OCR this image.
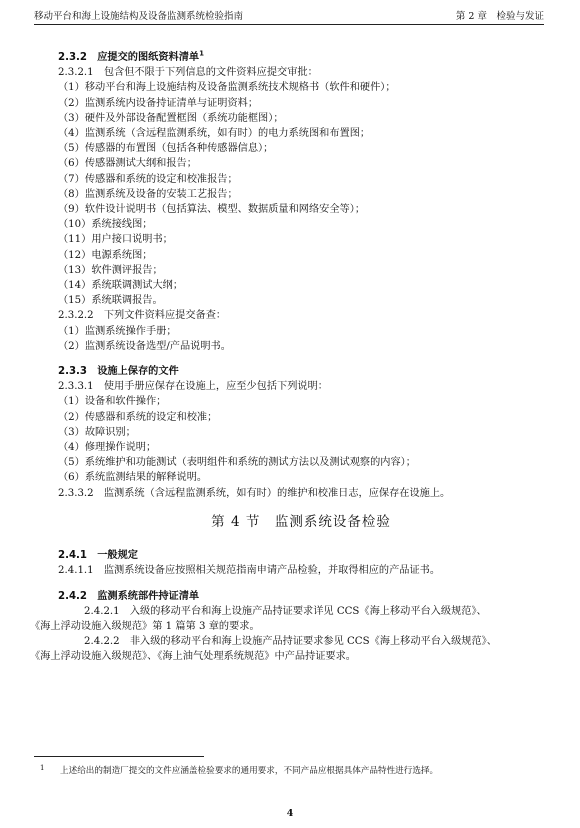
移动平台和海上设施结构及设备监测系统检验指南	第 2 章　检验与发证
2.3.2　应提交的图纸资料清单$^1$
2.3.2.1　包含但不限于下列信息的文件资料应提交审批：
（1）移动平台和海上设施结构及设备监测系统技术规格书（软件和硬件）；
（2）监测系统内设备持证清单与证明资料；
（3）硬件及外部设备配置框图（系统功能框图）；
（4）监测系统（含远程监测系统，如有时）的电力系统图和布置图；
（5）传感器的布置图（包括各种传感器信息）；
（6）传感器测试大纲和报告；
（7）传感器和系统的设定和校准报告；
（8）监测系统及设备的安装工艺报告；
（9）软件设计说明书（包括算法、模型、数据质量和网络安全等）；
（10）系统接线图；
（11）用户接口说明书；
（12）电源系统图；
（13）软件测评报告；
（14）系统联调测试大纲；
（15）系统联调报告。
2.3.2.2　下列文件资料应提交备查：
（1）监测系统操作手册；
（2）监测系统设备选型/产品说明书。
2.3.3　设施上保存的文件
2.3.3.1　使用手册应保存在设施上，应至少包括下列说明：
（1）设备和软件操作；
（2）传感器和系统的设定和校准；
（3）故障识别；
（4）修理操作说明；
（5）系统维护和功能测试（表明组件和系统的测试方法以及测试观察的内容）；
（6）系统监测结果的解释说明。
2.3.3.2　监测系统（含远程监测系统，如有时）的维护和校准日志，应保存在设施上。
第 4 节　监测系统设备检验
2.4.1　一般规定
2.4.1.1　监测系统设备应按照相关规范指南申请产品检验，并取得相应的产品证书。
2.4.2　监测系统部件持证清单
2.4.2.1　入级的移动平台和海上设施产品持证要求详见 CCS《海上移动平台入级规范》、
《海上浮动设施入级规范》第 1 篇第 3 章的要求。
2.4.2.2　非入级的移动平台和海上设施产品持证要求参见 CCS《海上移动平台入级规范》、
《海上浮动设施入级规范》、《海上油气处理系统规范》中产品持证要求。
1	上述给出的制造厂提交的文件应涵盖检验要求的通用要求，不同产品应根据具体产品特性进行选择。
4
